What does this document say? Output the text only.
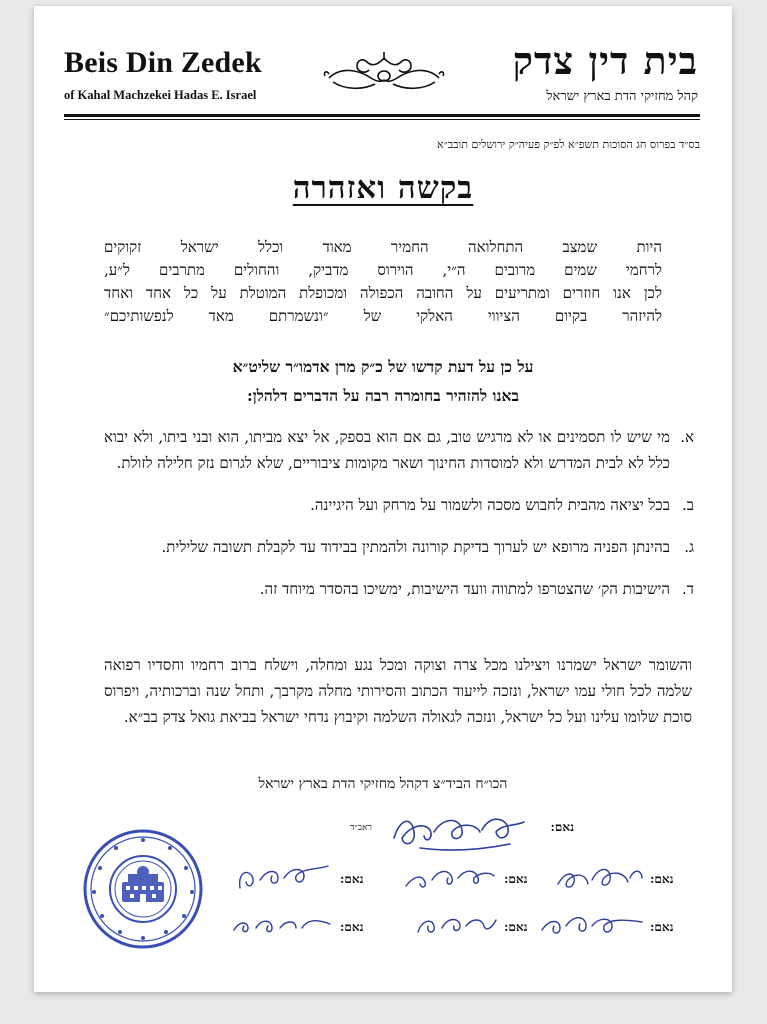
Beis Din Zedek
of Kahal Machzekei Hadas E. Israel
בית דין צדק
קהל מחזיקי הדת בארץ ישראל
בס״ד בפרוס חג הסוכות תשפ״א לפ״ק פעיה״ק ירושלים תובב״א
בקשה ואזהרה

היות שמצב התחלואה החמיר מאוד וכלל ישראל זקוקים

לרחמי שמים מרובים ה״י, הוירוס מדביק, והחולים מתרבים ל״ע,

לכן אנו חוזרים ומתריעים על החובה הכפולה ומכופלת המוטלת על כל אחד ואחד

להיזהר בקיום הציווי האלקי של ״ונשמרתם מאד לנפשותיכם״

על כן על דעת קדשו של כ״ק מרן אדמו״ר שליט״א
באנו להזהיר בחומרה רבה על הדברים דלהלן:
א.
מי שיש לו תסמינים או לא מרגיש טוב, גם אם הוא בספק, אל יצא מביתו, הוא ובני ביתו, ולא יבוא כלל לא לבית המדרש ולא למוסדות החינוך ושאר מקומות ציבוריים, שלא לגרום נזק חלילה לזולת.
ב.
בכל יציאה מהבית לחבוש מסכה ולשמור על מרחק ועל היגיינה.
ג.
בהינתן הפניה מרופא יש לערוך בדיקת קורונה ולהמתין בבידוד עד לקבלת תשובה שלילית.
ד.
הישיבות הק׳ שהצטרפו למתווה וועד הישיבות, ימשיכו בהסדר מיוחד זה.
והשומר ישראל ישמרנו ויצילנו מכל צרה וצוקה ומכל נגע ומחלה, וישלח ברוב רחמיו וחסדיו רפואה שלמה לכל חולי עמו ישראל, ונזכה לייעוד הכתוב והסירותי מחלה מקרבך, ותחל שנה וברכותיה, ויפרוס סוכת שלומו עלינו ועל כל ישראל, ונזכה לגאולה השלמה וקיבוץ נדחי ישראל בביאת גואל צדק בב״א.
הכו״ח הביד״צ דקהל מחזיקי הדת בארץ ישראל
נאם:
ראב״ד
נאם:
נאם:
נאם:
נאם:
נאם:
נאם:
